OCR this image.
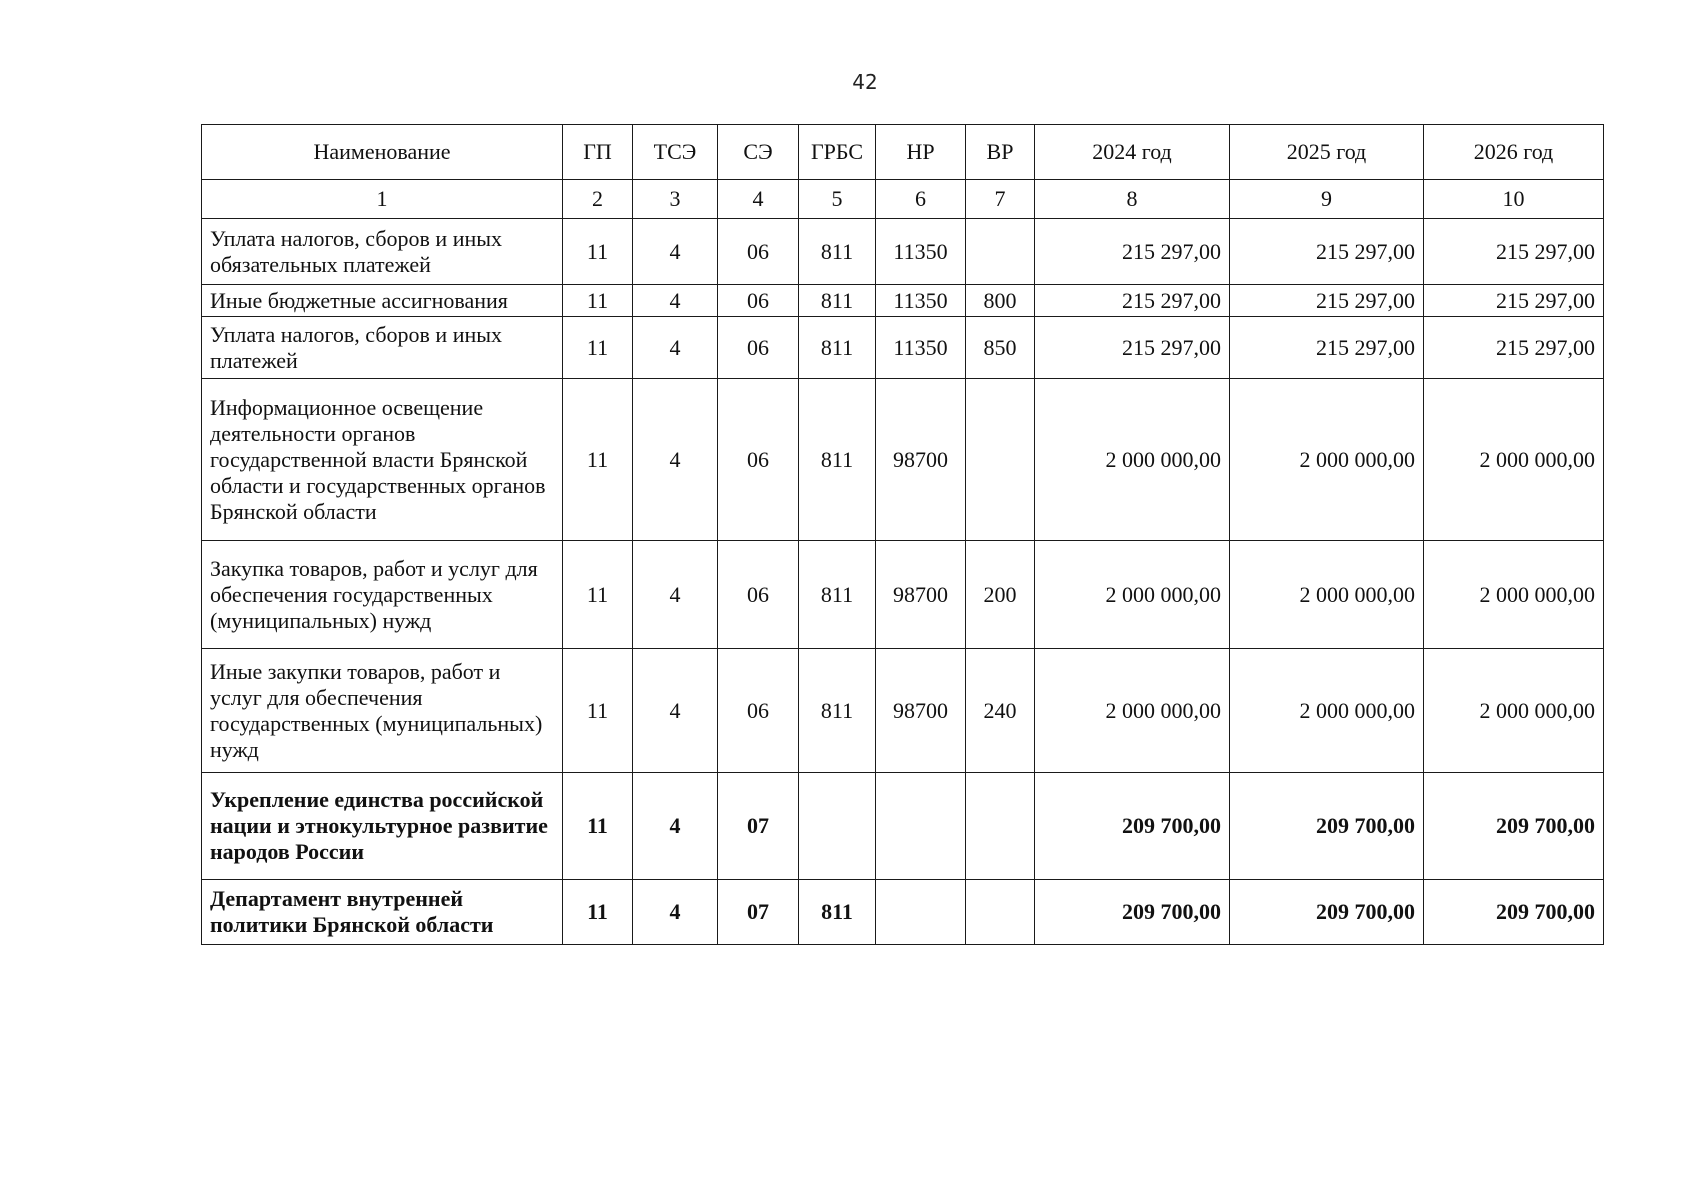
42
Наименование	ГП	ТСЭ	СЭ	ГРБС	НР	ВР	2024 год	2025 год	2026 год
1	2	3	4	5	6	7	8	9	10
Уплата налогов, сборов и иных обязательных платежей	11	4	06	811	11350		215 297,00	215 297,00	215 297,00
Иные бюджетные ассигнования	11	4	06	811	11350	800	215 297,00	215 297,00	215 297,00
Уплата налогов, сборов и иных платежей	11	4	06	811	11350	850	215 297,00	215 297,00	215 297,00
Информационное освещение деятельности органов государственной власти Брянской области и государственных органов Брянской области	11	4	06	811	98700		2 000 000,00	2 000 000,00	2 000 000,00
Закупка товаров, работ и услуг для обеспечения государственных (муниципальных) нужд	11	4	06	811	98700	200	2 000 000,00	2 000 000,00	2 000 000,00
Иные закупки товаров, работ и услуг для обеспечения государственных (муниципальных) нужд	11	4	06	811	98700	240	2 000 000,00	2 000 000,00	2 000 000,00
Укрепление единства российской нации и этнокультурное развитие народов России	11	4	07				209 700,00	209 700,00	209 700,00
Департамент внутренней политики Брянской области	11	4	07	811			209 700,00	209 700,00	209 700,00
